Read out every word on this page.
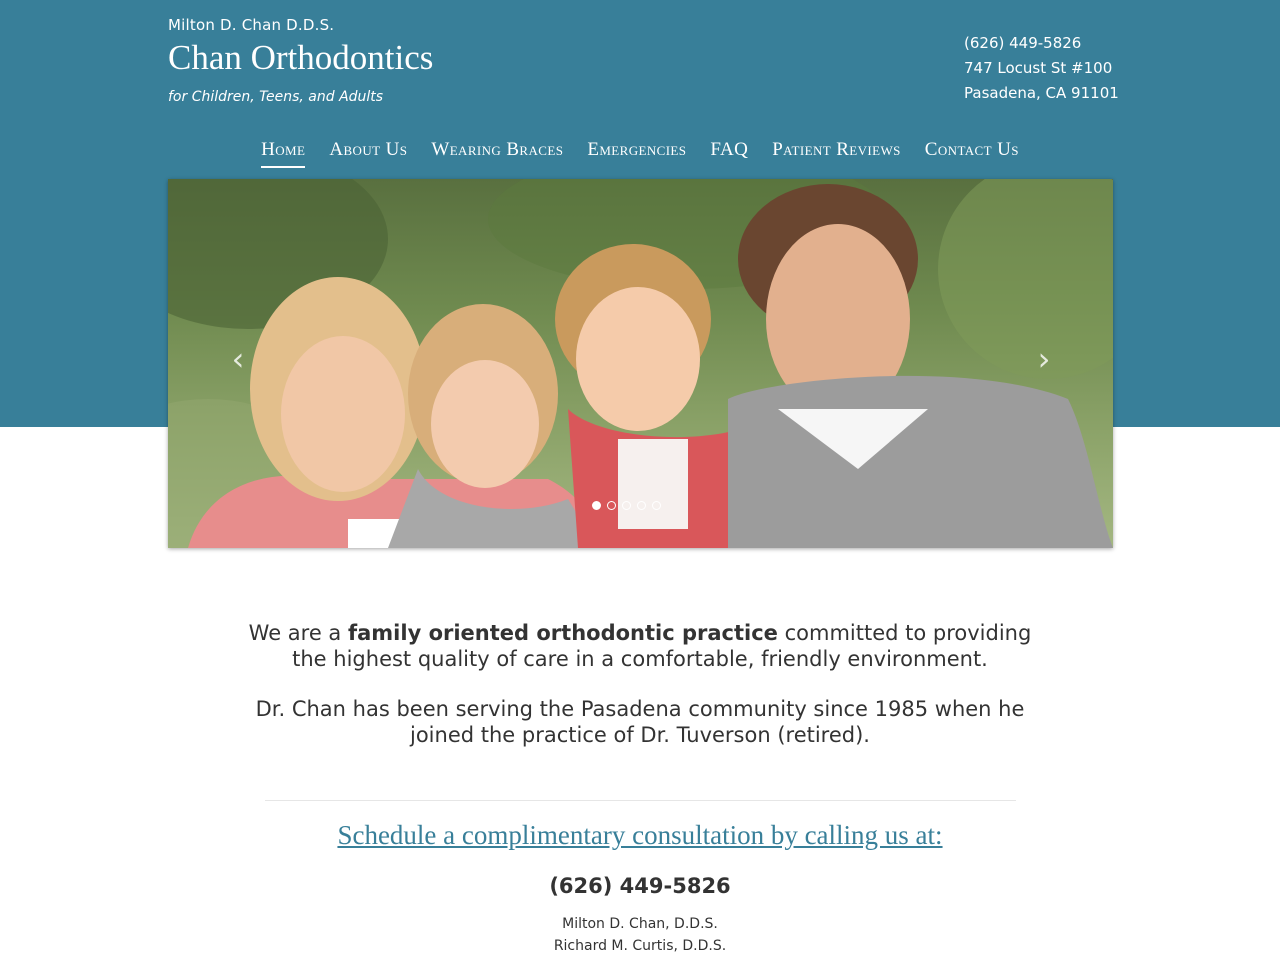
Milton D. Chan D.D.S.
Chan Orthodontics
for Children, Teens, and Adults
(626) 449-5826
747 Locust St #100
Pasadena, CA 91101
Home About Us Wearing Braces Emergencies FAQ Patient Reviews Contact Us
‹	›

We are a family oriented orthodontic practice committed to providing the highest quality of care in a comfortable, friendly environment.

Dr. Chan has been serving the Pasadena community since 1985 when he joined the practice of Dr. Tuverson (retired).

Schedule a complimentary consultation by calling us at:
(626) 449-5826
Milton D. Chan, D.D.S.
Richard M. Curtis, D.D.S.
